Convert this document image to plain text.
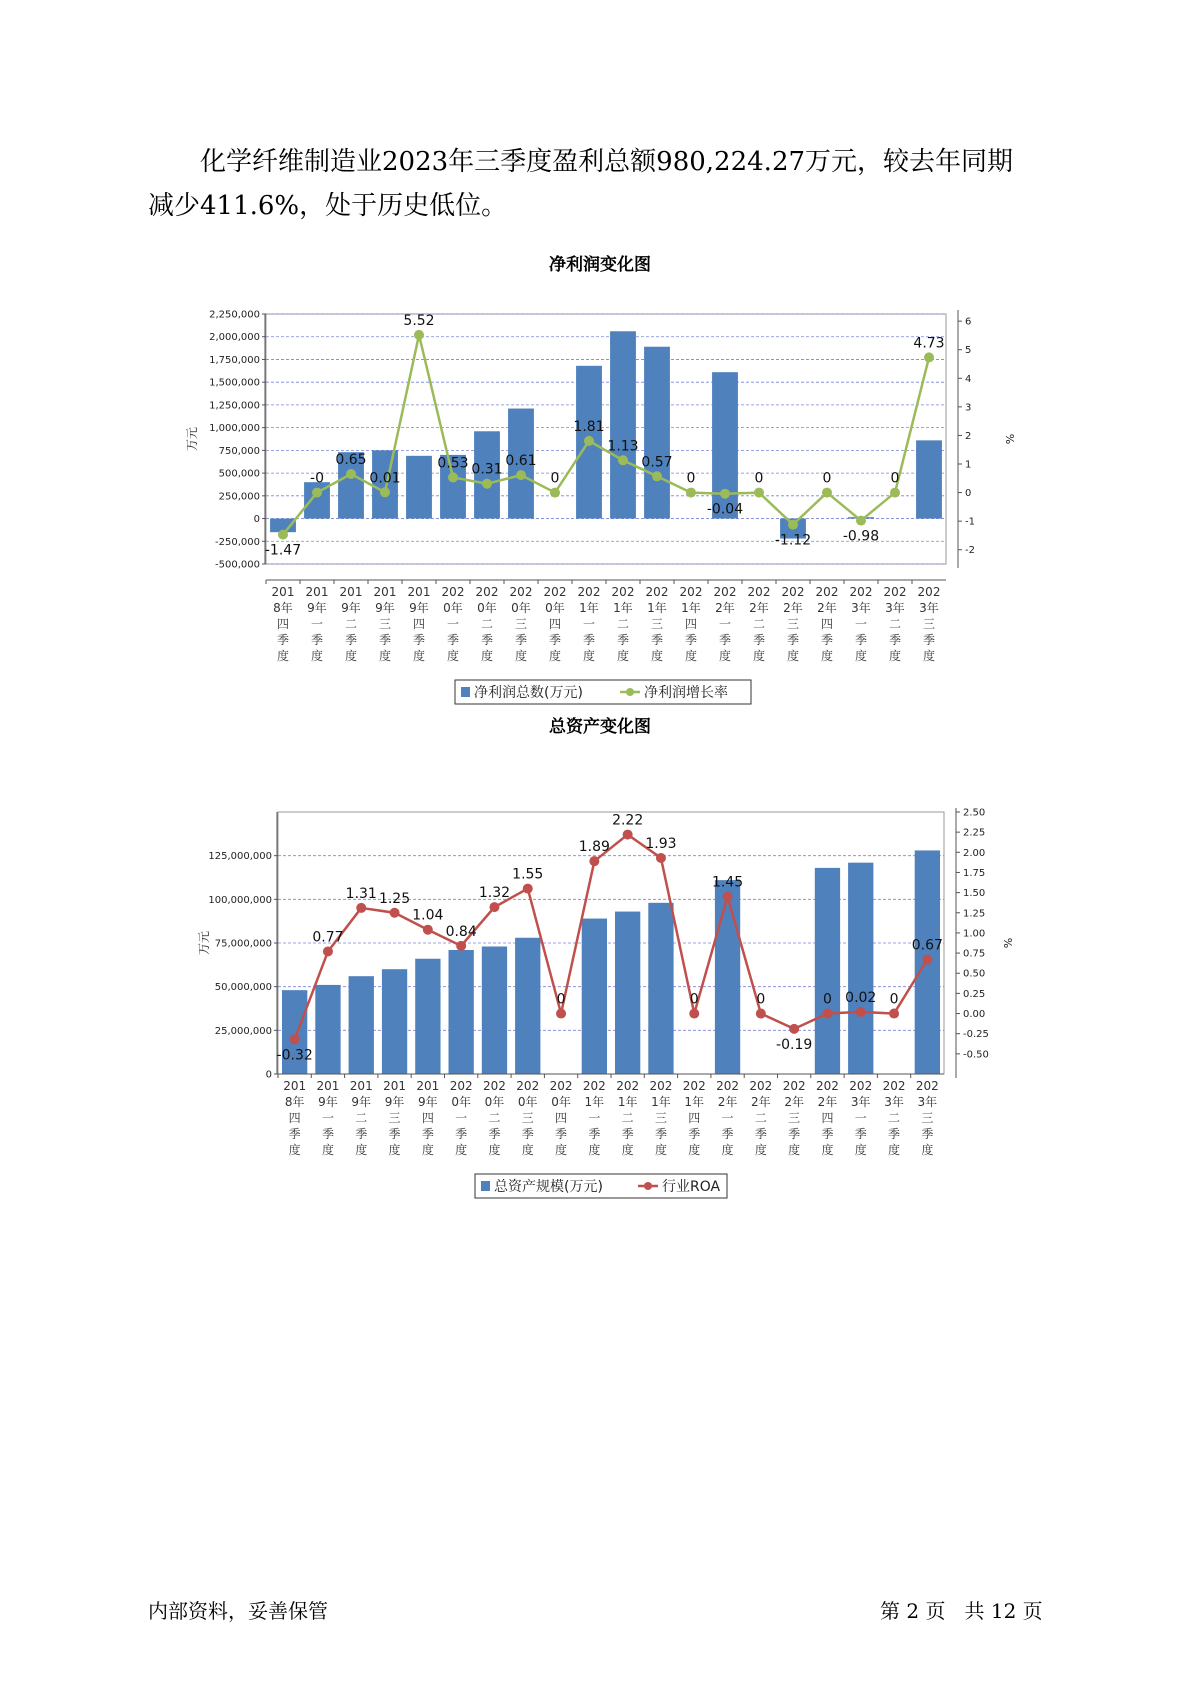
化学纤维制造业2023年三季度盈利总额980,224.27万元，较去年同期

减少411.6%，处于历史低位。

净利润变化图
2,250,000
2,000,000
1,750,000
1,500,000
1,250,000
1,000,000
750,000
500,000
250,000
0
-250,000
-500,000
6
5
4
3
2
1
0
-1
-2
万元	%
-1.47
-0
0.65
0.01
5.52
0.53 0.31
0.61
0
1.81
1.13
0.57
0
-0.04
0
-1.12
0
-0.98
0
4.73
201
8年
四
季
度
201
9年
一
季
度
201
9年
二
季
度
201
9年
三
季
度
201
9年
四
季
度
202
0年
一
季
度
202
0年
二
季
度
202
0年
三
季
度
202
0年
四
季
度
202
1年
一
季
度
202
1年
二
季
度
202
1年
三
季
度
202
1年
四
季
度
202
2年
一
季
度
202
2年
二
季
度
202
2年
三
季
度
202
2年
四
季
度
202
3年
一
季
度
202
3年
二
季
度
202
3年
三
季
度
净利润总数(万元)	净利润增长率
总资产变化图
125,000,000
100,000,000
75,000,000
50,000,000
25,000,000
0
2.50
2.25
2.00
1.75
1.50
1.25
1.00
0.75
0.50
0.25
0.00
-0.25
-0.50
万元	%
-0.32
0.77
1.31 1.25
1.04
0.84
1.32
1.55
0
1.89
2.22
1.93
0
1.45
0
-0.19
0 0.02 0
0.67
201
8年
四
季
度
201
9年
一
季
度
201
9年
二
季
度
201
9年
三
季
度
201
9年
四
季
度
202
0年
一
季
度
202
0年
二
季
度
202
0年
三
季
度
202
0年
四
季
度
202
1年
一
季
度
202
1年
二
季
度
202
1年
三
季
度
202
1年
四
季
度
202
2年
一
季
度
202
2年
二
季
度
202
2年
三
季
度
202
2年
四
季
度
202
3年
一
季
度
202
3年
二
季
度
202
3年
三
季
度
总资产规模(万元)	行业ROA
内部资料，妥善保管	第 2 页   共 12 页
